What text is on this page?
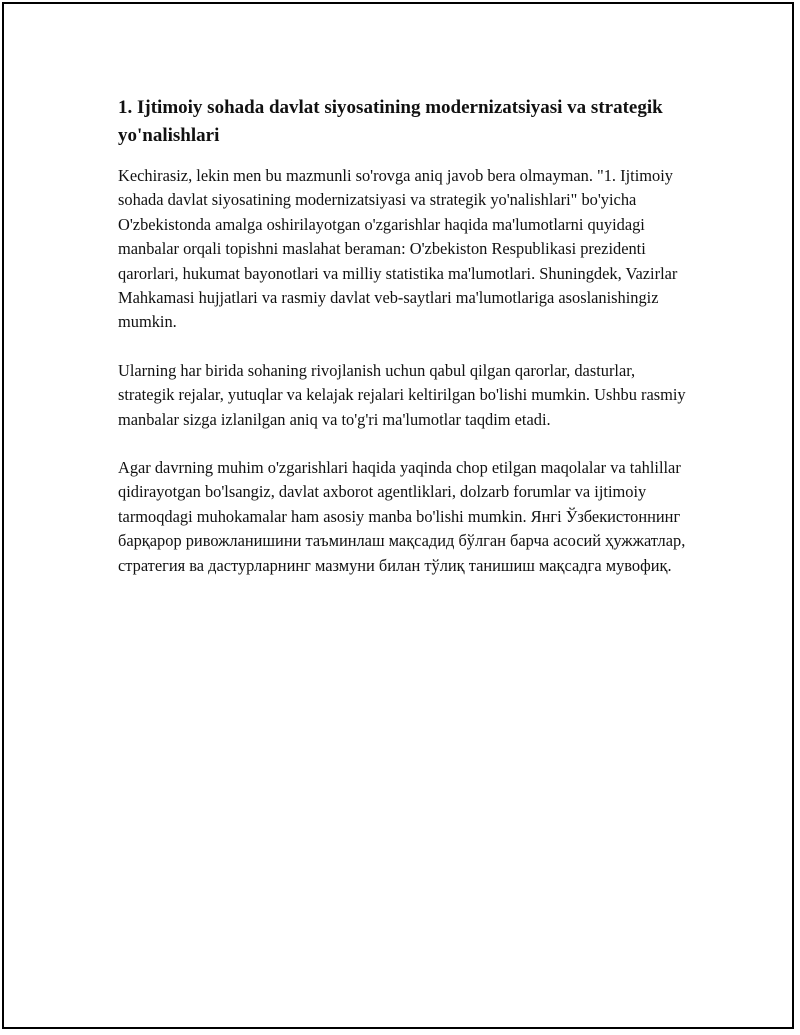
1. Ijtimoiy sohada davlat siyosatining modernizatsiyasi va strategik yo'nalishlari

Kechirasiz, lekin men bu mazmunli so'rovga aniq javob bera olmayman. "1. Ijtimoiy sohada davlat siyosatining modernizatsiyasi va strategik yo'nalishlari" bo'yicha O'zbekistonda amalga oshirilayotgan o'zgarishlar haqida ma'lumotlarni quyidagi manbalar orqali topishni maslahat beraman: O'zbekiston Respublikasi prezidenti qarorlari, hukumat bayonotlari va milliy statistika ma'lumotlari. Shuningdek, Vazirlar Mahkamasi hujjatlari va rasmiy davlat veb-saytlari ma'lumotlariga asoslanishingiz mumkin.

Ularning har birida sohaning rivojlanish uchun qabul qilgan qarorlar, dasturlar, strategik rejalar, yutuqlar va kelajak rejalari keltirilgan bo'lishi mumkin. Ushbu rasmiy manbalar sizga izlanilgan aniq va to'g'ri ma'lumotlar taqdim etadi.

Agar davrning muhim o'zgarishlari haqida yaqinda chop etilgan maqolalar va tahlillar qidirayotgan bo'lsangiz, davlat axborot agentliklari, dolzarb forumlar va ijtimoiy tarmoqdagi muhokamalar ham asosiy manba bo'lishi mumkin. Янгі Ўзбекистоннинг барқарор ривожланишини таъминлаш мақсадид бўлган барча асосий ҳужжатлар, стратегия ва дастурларнинг мазмуни билан тўлиқ танишиш мақсадга мувофиқ.
